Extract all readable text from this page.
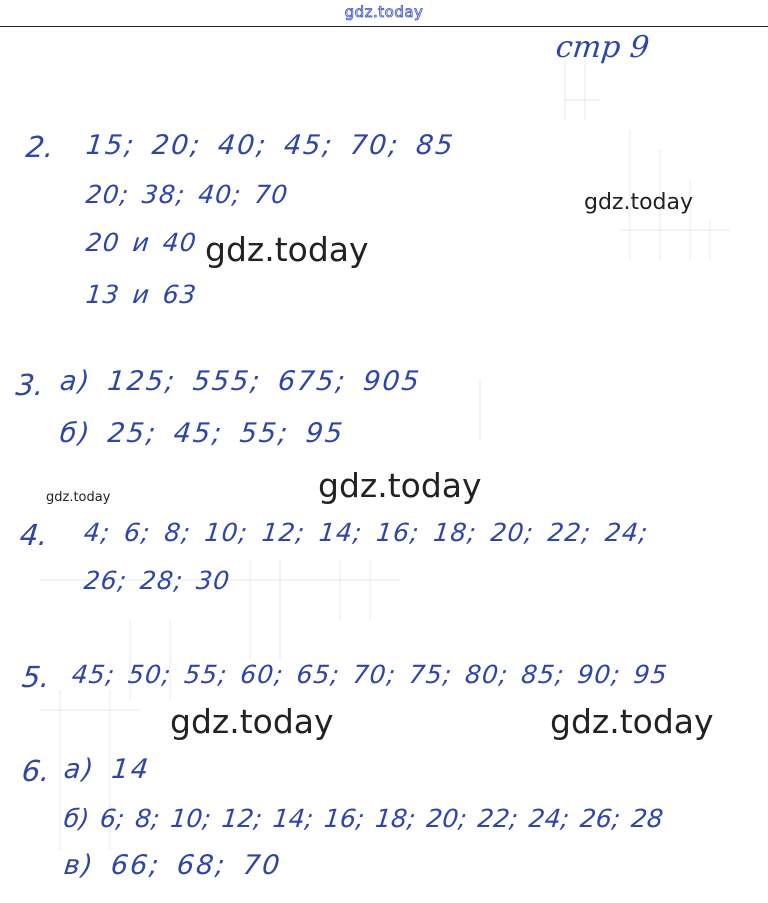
gdz.today
стр 9
2. 15; 20; 40; 45; 70; 85
20; 38; 40; 70
20 и 40
13 и 63
3. а) 125; 555; 675; 905
б) 25; 45; 55; 95
4. 4; 6; 8; 10; 12; 14; 16; 18; 20; 22; 24;
26; 28; 30
5. 45; 50; 55; 60; 65; 70; 75; 80; 85; 90; 95
6. а) 14
б) 6; 8; 10; 12; 14; 16; 18; 20; 22; 24; 26; 28
в) 66; 68; 70
gdz.today
gdz.today
gdz.today
gdz.today
gdz.today	gdz.today
